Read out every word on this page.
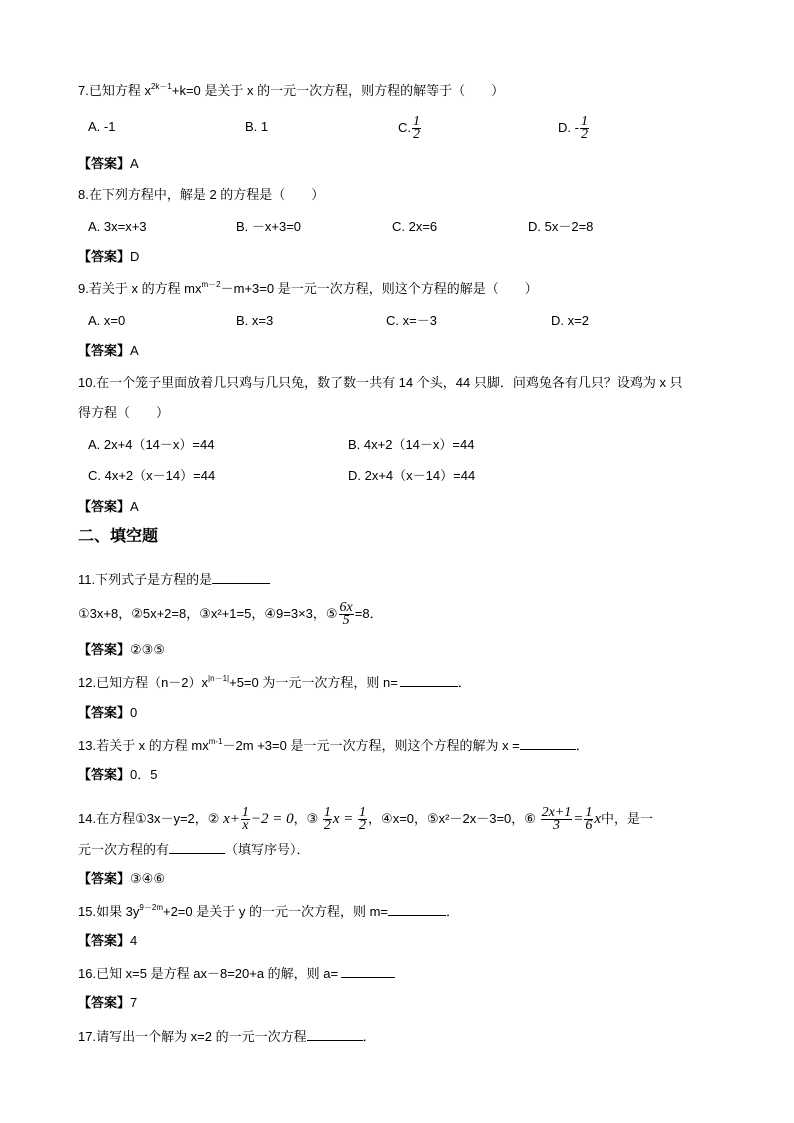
7.已知方程 $x^{2k-1}+k=0$ 是关于 x 的一元一次方程，则方程的解等于（　　）
A. -1	B. 1	C. $\frac{1}{2}$	D. - $\frac{1}{2}$
【答案】A
8.在下列方程中，解是 2 的方程是（　　）
A. 3x=x+3	B. －x+3=0	C. 2x=6	D. 5x－2=8
【答案】D
9.若关于 x 的方程 $mx^{m-2}-m+3=0$ 是一元一次方程，则这个方程的解是（　　）
A. x=0	B. x=3	C. x=－3	D. x=2
【答案】A
10.在一个笼子里面放着几只鸡与几只兔，数了数一共有 14 个头，44 只脚．问鸡兔各有几只？设鸡为 x 只
得方程（　　）
A. 2x+4（14－x）=44	B. 4x+2（14－x）=44
C. 4x+2（x－14）=44	D. 2x+4（x－14）=44
【答案】A
二、填空题
11.下列式子是方程的是
①3x+8，②5x+2=8，③x²+1=5，④9=3×3，⑤ $\frac{6x}{5} =8$．
【答案】②③⑤
12.已知方程$(n-2)x^{|n-1|}+5=0$ 为一元一次方程，则 n=	．
【答案】0
13.若关于 x 的方程 $mx^{m-1}-2m +3=0$ 是一元一次方程，则这个方程的解为 x =	．
【答案】0．5
14.在方程①3x－y=2，② $x+ \frac{1}{x} -2 = 0$，③ $\frac{1}{2}$ $x = \frac{1}{2}$ ，④x=0，⑤x²－2x－3=0，⑥ $\frac{2x+1}{3} = \frac{1}{6}$ x中，是一
元一次方程的有	（填写序号）．
【答案】③④⑥
15.如果 $3y^{9-2m}+2=0$ 是关于 y 的一元一次方程，则 m=	．
【答案】4
16.已知 x=5 是方程 ax－8=20+a 的解，则 a=
【答案】7
17.请写出一个解为 x=2 的一元一次方程	．
